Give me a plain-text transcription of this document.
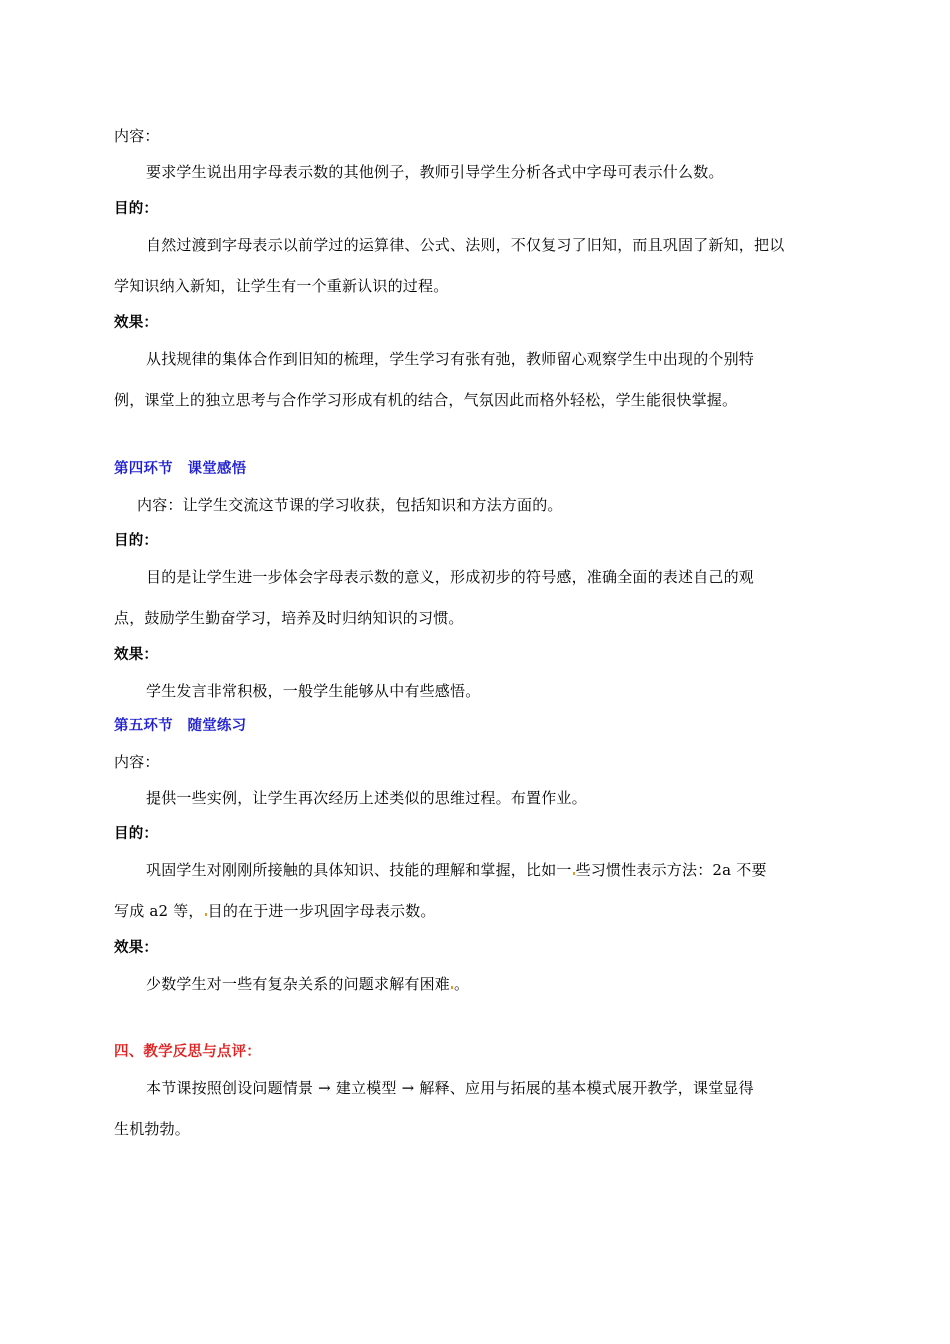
内容：
要求学生说出用字母表示数的其他例子，教师引导学生分析各式中字母可表示什么数。
目的：
自然过渡到字母表示以前学过的运算律、公式、法则，不仅复习了旧知，而且巩固了新知，把以
学知识纳入新知，让学生有一个重新认识的过程。
效果：
从找规律的集体合作到旧知的梳理，学生学习有张有弛，教师留心观察学生中出现的个别特
例，课堂上的独立思考与合作学习形成有机的结合，气氛因此而格外轻松，学生能很快掌握。
第四环节　课堂感悟
内容：让学生交流这节课的学习收获，包括知识和方法方面的。
目的：
目的是让学生进一步体会字母表示数的意义，形成初步的符号感，准确全面的表述自己的观
点，鼓励学生勤奋学习，培养及时归纳知识的习惯。
效果：
学生发言非常积极，一般学生能够从中有些感悟。
第五环节　随堂练习
内容：
提供一些实例，让学生再次经历上述类似的思维过程。布置作业。
目的：
巩固学生对刚刚所接触的具体知识、技能的理解和掌握，比如一 些习惯性表示方法：2a 不要
写成 a2 等， 目的在于进一步巩固字母表示数。
效果：
少数学生对一些有复杂关系的问题求解有困难 。
四、教学反思与点评：
本节课按照创设问题情景 → 建立模型 → 解释、应用与拓展的基本模式展开教学，课堂显得
生机勃勃。
